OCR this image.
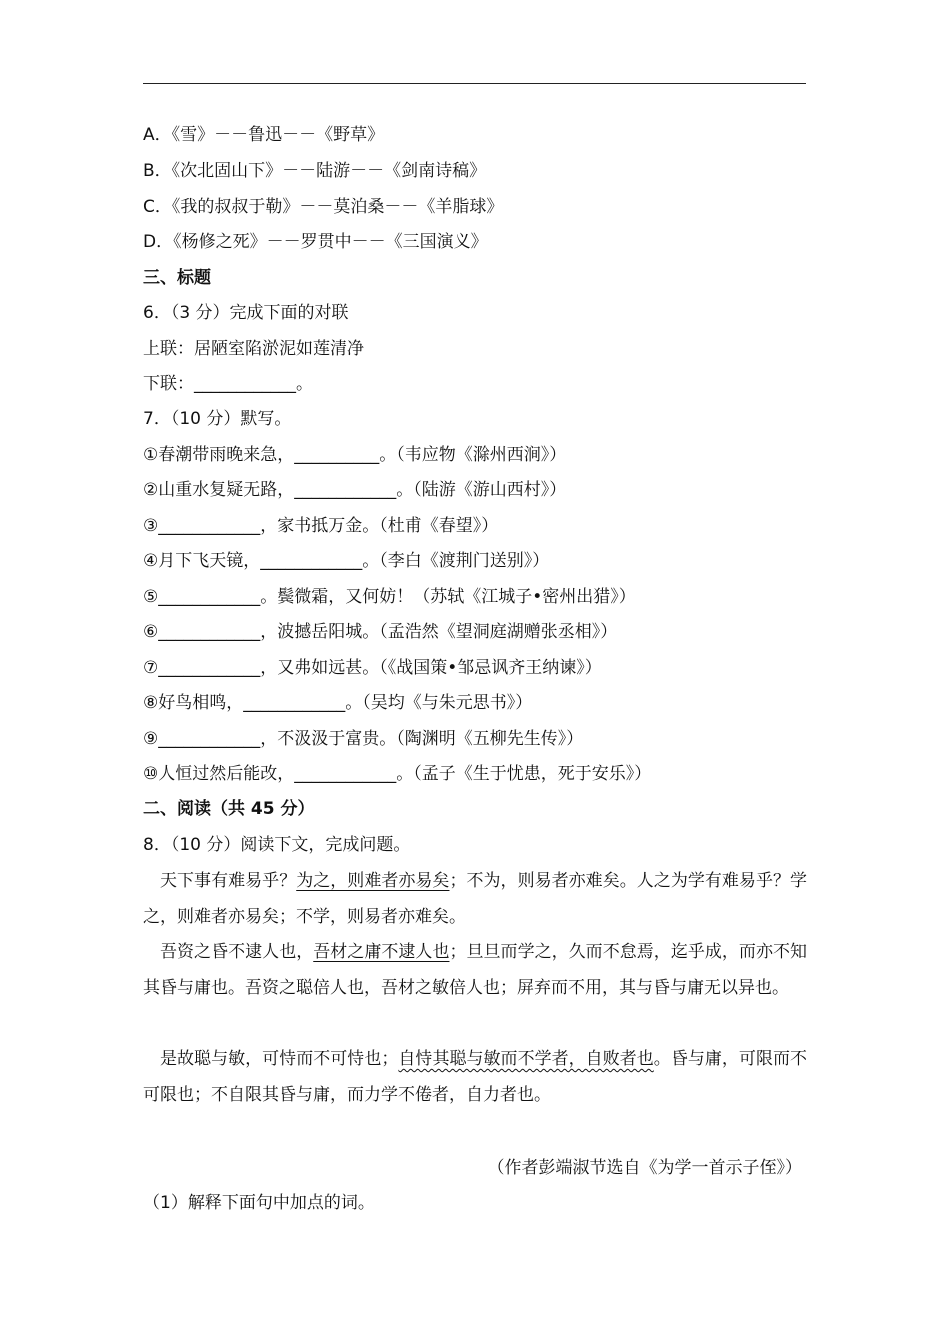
A．《雪》－－鲁迅－－《野草》
B．《次北固山下》－－陆游－－《剑南诗稿》
C．《我的叔叔于勒》－－莫泊桑－－《羊脂球》
D．《杨修之死》－－罗贯中－－《三国演义》
三、标题
6．（3 分）完成下面的对联
上联：居陋室陷淤泥如莲清净
下联：____________。
7．（10 分）默写。
①春潮带雨晚来急，__________。（韦应物《滁州西涧》）
②山重水复疑无路，____________。（陆游《游山西村》）
③____________，家书抵万金。（杜甫《春望》）
④月下飞天镜，____________。（李白《渡荆门送别》）
⑤____________。鬓微霜，又何妨！（苏轼《江城子•密州出猎》）
⑥____________，波撼岳阳城。（孟浩然《望洞庭湖赠张丞相》）
⑦____________，又弗如远甚。（《战国策•邹忌讽齐王纳谏》）
⑧好鸟相鸣，____________。（吴均《与朱元思书》）
⑨____________，不汲汲于富贵。（陶渊明《五柳先生传》）
⑩人恒过然后能改，____________。（孟子《生于忧患，死于安乐》）
二、阅读（共 45 分）
8．（10 分）阅读下文，完成问题。
天下事有难易乎？为之，则难者亦易矣；不为，则易者亦难矣。人之为学有难易乎？学之，则难者亦易矣；不学，则易者亦难矣。
吾资之昏不逮人也，吾材之庸不逮人也；旦旦而学之，久而不怠焉，迄乎成，而亦不知其昏与庸也。吾资之聪倍人也，吾材之敏倍人也；屏弃而不用，其与昏与庸无以异也。
是故聪与敏，可恃而不可恃也；自恃其聪与敏而不学者，自败者也。昏与庸，可限而不可限也；不自限其昏与庸，而力学不倦者，自力者也。
（作者彭端淑节选自《为学一首示子侄》）
（1）解释下面句中加点的词。
